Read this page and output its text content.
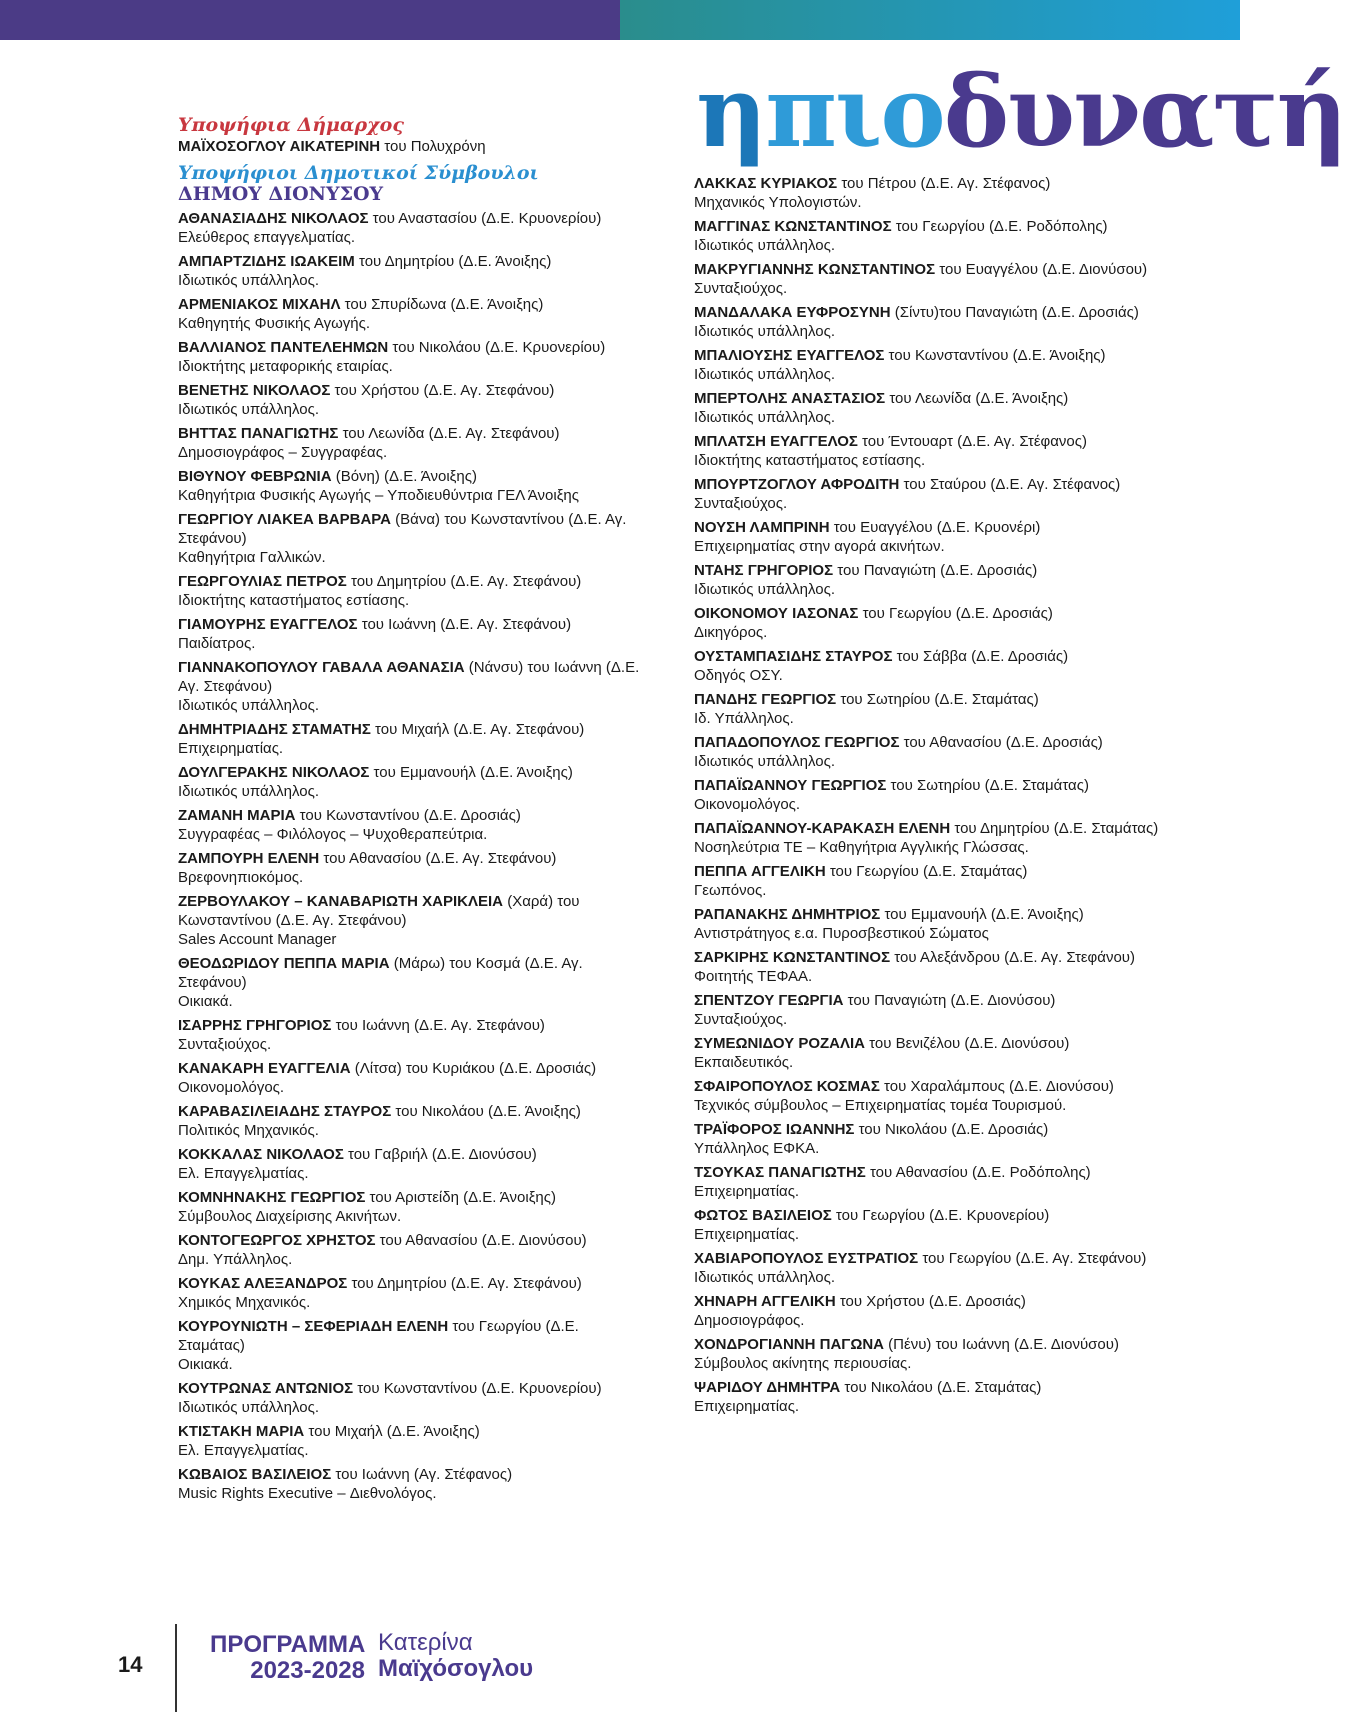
ηπιοδυνατή
Υποψήφια Δήμαρχος
ΜΑΪΧΟΣΟΓΛΟΥ ΑΙΚΑΤΕΡΙΝΗ του Πολυχρόνη
Υποψήφιοι Δημοτικοί Σύμβουλοι
ΔΗΜΟΥ ΔΙΟΝΥΣΟΥ
ΑΘΑΝΑΣΙΑΔΗΣ ΝΙΚΟΛΑΟΣ του Αναστασίου (Δ.Ε. Κρυονερίου)
Ελεύθερος επαγγελματίας.
ΑΜΠΑΡΤΖΙΔΗΣ ΙΩΑΚΕΙΜ του Δημητρίου (Δ.Ε. Άνοιξης)
Ιδιωτικός υπάλληλος.
ΑΡΜΕΝΙΑΚΟΣ ΜΙΧΑΗΛ του Σπυρίδωνα (Δ.Ε. Άνοιξης)
Καθηγητής Φυσικής Αγωγής.
ΒΑΛΛΙΑΝΟΣ ΠΑΝΤΕΛΕΗΜΩΝ του Νικολάου (Δ.Ε. Κρυονερίου)
Ιδιοκτήτης μεταφορικής εταιρίας.
ΒΕΝΕΤΗΣ ΝΙΚΟΛΑΟΣ του Χρήστου (Δ.Ε. Αγ. Στεφάνου)
Ιδιωτικός υπάλληλος.
ΒΗΤΤΑΣ ΠΑΝΑΓΙΩΤΗΣ του Λεωνίδα (Δ.Ε. Αγ. Στεφάνου)
Δημοσιογράφος – Συγγραφέας.
ΒΙΘΥΝΟΥ ΦΕΒΡΩΝΙΑ (Βόνη) (Δ.Ε. Άνοιξης)
Καθηγήτρια Φυσικής Αγωγής – Υποδιευθύντρια ΓΕΛ Άνοιξης
ΓΕΩΡΓΙΟΥ ΛΙΑΚΕΑ ΒΑΡΒΑΡΑ (Βάνα) του Κωνσταντίνου (Δ.Ε. Αγ. Στεφάνου)
Καθηγήτρια Γαλλικών.
ΓΕΩΡΓΟΥΛΙΑΣ ΠΕΤΡΟΣ του Δημητρίου (Δ.Ε. Αγ. Στεφάνου)
Ιδιοκτήτης καταστήματος εστίασης.
ΓΙΑΜΟΥΡΗΣ ΕΥΑΓΓΕΛΟΣ του Ιωάννη (Δ.Ε. Αγ. Στεφάνου)
Παιδίατρος.
ΓΙΑΝΝΑΚΟΠΟΥΛΟΥ ΓΑΒΑΛΑ ΑΘΑΝΑΣΙΑ (Νάνσυ) του Ιωάννη (Δ.Ε. Αγ. Στεφάνου)
Ιδιωτικός υπάλληλος.
ΔΗΜΗΤΡΙΑΔΗΣ ΣΤΑΜΑΤΗΣ του Μιχαήλ (Δ.Ε. Αγ. Στεφάνου)
Επιχειρηματίας.
ΔΟΥΛΓΕΡΑΚΗΣ ΝΙΚΟΛΑΟΣ του Εμμανουήλ (Δ.Ε. Άνοιξης)
Ιδιωτικός υπάλληλος.
ΖΑΜΑΝΗ ΜΑΡΙΑ του Κωνσταντίνου (Δ.Ε. Δροσιάς)
Συγγραφέας – Φιλόλογος – Ψυχοθεραπεύτρια.
ΖΑΜΠΟΥΡΗ ΕΛΕΝΗ του Αθανασίου (Δ.Ε. Αγ. Στεφάνου)
Βρεφονηπιοκόμος.
ΖΕΡΒΟΥΛΑΚΟΥ – ΚΑΝΑΒΑΡΙΩΤΗ ΧΑΡΙΚΛΕΙΑ (Χαρά) του Κωνσταντίνου (Δ.Ε. Αγ. Στεφάνου)
Sales Account Manager
ΘΕΟΔΩΡΙΔΟΥ ΠΕΠΠΑ ΜΑΡΙΑ (Μάρω) του Κοσμά (Δ.Ε. Αγ. Στεφάνου)
Οικιακά.
ΙΣΑΡΡΗΣ ΓΡΗΓΟΡΙΟΣ του Ιωάννη (Δ.Ε. Αγ. Στεφάνου)
Συνταξιούχος.
ΚΑΝΑΚΑΡΗ ΕΥΑΓΓΕΛΙΑ (Λίτσα) του Κυριάκου (Δ.Ε. Δροσιάς)
Οικονομολόγος.
ΚΑΡΑΒΑΣΙΛΕΙΑΔΗΣ ΣΤΑΥΡΟΣ του Νικολάου (Δ.Ε. Άνοιξης)
Πολιτικός Μηχανικός.
ΚΟΚΚΑΛΑΣ ΝΙΚΟΛΑΟΣ του Γαβριήλ (Δ.Ε. Διονύσου)
Ελ. Επαγγελματίας.
ΚΟΜΝΗΝΑΚΗΣ ΓΕΩΡΓΙΟΣ του Αριστείδη (Δ.Ε. Άνοιξης)
Σύμβουλος Διαχείρισης Ακινήτων.
ΚΟΝΤΟΓΕΩΡΓΟΣ ΧΡΗΣΤΟΣ του Αθανασίου (Δ.Ε. Διονύσου)
Δημ. Υπάλληλος.
ΚΟΥΚΑΣ ΑΛΕΞΑΝΔΡΟΣ του Δημητρίου (Δ.Ε. Αγ. Στεφάνου)
Χημικός Μηχανικός.
ΚΟΥΡΟΥΝΙΩΤΗ – ΣΕΦΕΡΙΑΔΗ ΕΛΕΝΗ του Γεωργίου (Δ.Ε. Σταμάτας)
Οικιακά.
ΚΟΥΤΡΩΝΑΣ ΑΝΤΩΝΙΟΣ του Κωνσταντίνου (Δ.Ε. Κρυονερίου)
Ιδιωτικός υπάλληλος.
ΚΤΙΣΤΑΚΗ ΜΑΡΙΑ του Μιχαήλ (Δ.Ε. Άνοιξης)
Ελ. Επαγγελματίας.
ΚΩΒΑΙΟΣ ΒΑΣΙΛΕΙΟΣ του Ιωάννη (Αγ. Στέφανος)
Music Rights Executive – Διεθνολόγος.
ΛΑΚΚΑΣ ΚΥΡΙΑΚΟΣ του Πέτρου (Δ.Ε. Αγ. Στέφανος)
Μηχανικός Υπολογιστών.
ΜΑΓΓΙΝΑΣ ΚΩΝΣΤΑΝΤΙΝΟΣ του Γεωργίου (Δ.Ε. Ροδόπολης)
Ιδιωτικός υπάλληλος.
ΜΑΚΡΥΓΙΑΝΝΗΣ ΚΩΝΣΤΑΝΤΙΝΟΣ του Ευαγγέλου (Δ.Ε. Διονύσου)
Συνταξιούχος.
ΜΑΝΔΑΛΑΚΑ ΕΥΦΡΟΣΥΝΗ (Σίντυ)του Παναγιώτη (Δ.Ε. Δροσιάς)
Ιδιωτικός υπάλληλος.
ΜΠΑΛΙΟΥΣΗΣ ΕΥΑΓΓΕΛΟΣ του Κωνσταντίνου (Δ.Ε. Άνοιξης)
Ιδιωτικός υπάλληλος.
ΜΠΕΡΤΟΛΗΣ ΑΝΑΣΤΑΣΙΟΣ του Λεωνίδα (Δ.Ε. Άνοιξης)
Ιδιωτικός υπάλληλος.
ΜΠΛΑΤΣΗ ΕΥΑΓΓΕΛΟΣ του Έντουαρτ (Δ.Ε. Αγ. Στέφανος)
Ιδιοκτήτης καταστήματος εστίασης.
ΜΠΟΥΡΤΖΟΓΛΟΥ ΑΦΡΟΔΙΤΗ του Σταύρου (Δ.Ε. Αγ. Στέφανος)
Συνταξιούχος.
ΝΟΥΣΗ ΛΑΜΠΡΙΝΗ του Ευαγγέλου (Δ.Ε. Κρυονέρι)
Επιχειρηματίας στην αγορά ακινήτων.
ΝΤΑΗΣ ΓΡΗΓΟΡΙΟΣ του Παναγιώτη (Δ.Ε. Δροσιάς)
Ιδιωτικός υπάλληλος.
ΟΙΚΟΝΟΜΟΥ ΙΑΣΟΝΑΣ του Γεωργίου (Δ.Ε. Δροσιάς)
Δικηγόρος.
ΟΥΣΤΑΜΠΑΣΙΔΗΣ ΣΤΑΥΡΟΣ του Σάββα (Δ.Ε. Δροσιάς)
Οδηγός ΟΣΥ.
ΠΑΝΔΗΣ ΓΕΩΡΓΙΟΣ του Σωτηρίου (Δ.Ε. Σταμάτας)
Ιδ. Υπάλληλος.
ΠΑΠΑΔΟΠΟΥΛΟΣ ΓΕΩΡΓΙΟΣ του Αθανασίου (Δ.Ε. Δροσιάς)
Ιδιωτικός υπάλληλος.
ΠΑΠΑΪΩΑΝΝΟΥ ΓΕΩΡΓΙΟΣ του Σωτηρίου (Δ.Ε. Σταμάτας)
Οικονομολόγος.
ΠΑΠΑΪΩΑΝΝΟΥ-ΚΑΡΑΚΑΣΗ ΕΛΕΝΗ του Δημητρίου (Δ.Ε. Σταμάτας)
Νοσηλεύτρια ΤΕ – Καθηγήτρια Αγγλικής Γλώσσας.
ΠΕΠΠΑ ΑΓΓΕΛΙΚΗ του Γεωργίου (Δ.Ε. Σταμάτας)
Γεωπόνος.
ΡΑΠΑΝΑΚΗΣ ΔΗΜΗΤΡΙΟΣ του Εμμανουήλ (Δ.Ε. Άνοιξης)
Αντιστράτηγος ε.α. Πυροσβεστικού Σώματος
ΣΑΡΚΙΡΗΣ ΚΩΝΣΤΑΝΤΙΝΟΣ του Αλεξάνδρου (Δ.Ε. Αγ. Στεφάνου)
Φοιτητής ΤΕΦΑΑ.
ΣΠΕΝΤΖΟΥ ΓΕΩΡΓΙΑ του Παναγιώτη (Δ.Ε. Διονύσου)
Συνταξιούχος.
ΣΥΜΕΩΝΙΔΟΥ ΡΟΖΑΛΙΑ του Βενιζέλου (Δ.Ε. Διονύσου)
Εκπαιδευτικός.
ΣΦΑΙΡΟΠΟΥΛΟΣ ΚΟΣΜΑΣ του Χαραλάμπους (Δ.Ε. Διονύσου)
Τεχνικός σύμβουλος – Επιχειρηματίας τομέα Τουρισμού.
ΤΡΑΪΦΟΡΟΣ ΙΩΑΝΝΗΣ του Νικολάου (Δ.Ε. Δροσιάς)
Υπάλληλος ΕΦΚΑ.
ΤΣΟΥΚΑΣ ΠΑΝΑΓΙΩΤΗΣ του Αθανασίου (Δ.Ε. Ροδόπολης)
Επιχειρηματίας.
ΦΩΤΟΣ ΒΑΣΙΛΕΙΟΣ του Γεωργίου (Δ.Ε. Κρυονερίου)
Επιχειρηματίας.
ΧΑΒΙΑΡΟΠΟΥΛΟΣ ΕΥΣΤΡΑΤΙΟΣ του Γεωργίου (Δ.Ε. Αγ. Στεφάνου)
Ιδιωτικός υπάλληλος.
ΧΗΝΑΡΗ ΑΓΓΕΛΙΚΗ του Χρήστου (Δ.Ε. Δροσιάς)
Δημοσιογράφος.
ΧΟΝΔΡΟΓΙΑΝΝΗ ΠΑΓΩΝΑ (Πένυ) του Ιωάννη (Δ.Ε. Διονύσου)
Σύμβουλος ακίνητης περιουσίας.
ΨΑΡΙΔΟΥ ΔΗΜΗΤΡΑ του Νικολάου (Δ.Ε. Σταμάτας)
Επιχειρηματίας.
14
ΠΡΟΓΡΑΜΜΑ
2023-2028
Κατερίνα
Μαϊχόσογλου
